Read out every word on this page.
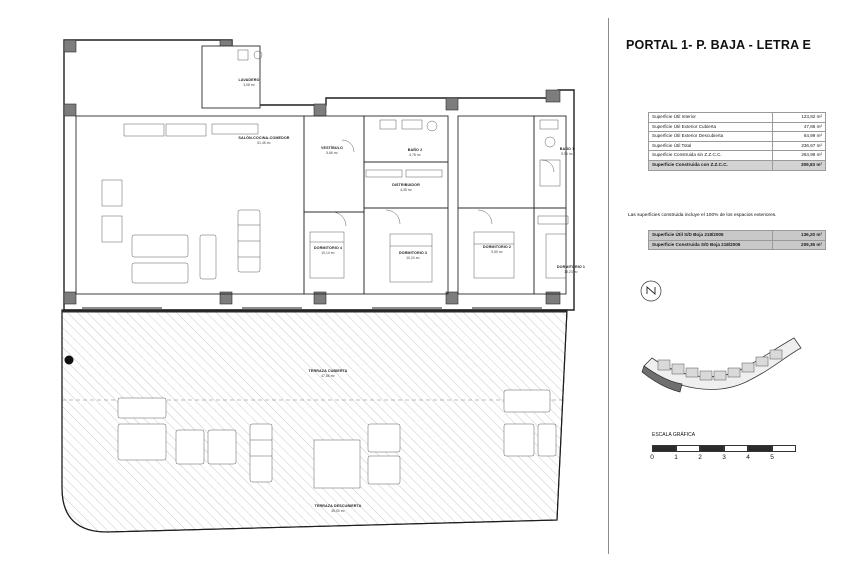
LAVADERO
3,08 m²
SALÓN-COCINA-COMEDOR
51,45 m²
VESTÍBULO
5,66 m²
BAÑO 2
4,78 m²
BAÑO 1
5,96 m²
DISTRIBUIDOR
4,35 m²
DORMITORIO 4
10,14 m²	DORMITORIO 3
10,24 m²
DORMITORIO 2
9,60 m²
DORMITORIO 1
18,23 m²
TERRAZA CUBIERTA
47,86 m²
TERRAZA DESCUBIERTA
45,00 m²
PORTAL 1- P. BAJA - LETRA E
Superficie Útil Interior	123,82 m²
Superficie Útil Exterior Cubierta	47,86 m²
Superficie Útil Exterior Descubierta	64,99 m²
Superficie Útil Total	236,67 m²
Superficie Construida sin Z.Z.C.C.	264,99 m²
Superficie Construida con Z.Z.C.C.	309,83 m²
Las superficies construida incluye el 100% de los espacios exteriores.
Superficie Útil S/D Boja 218/2005	136,20 m²
Superficie Construida S/D Boja 218/2005	209,36 m²
ESCALA GRÁFICA
0	1	2	3	4	5
